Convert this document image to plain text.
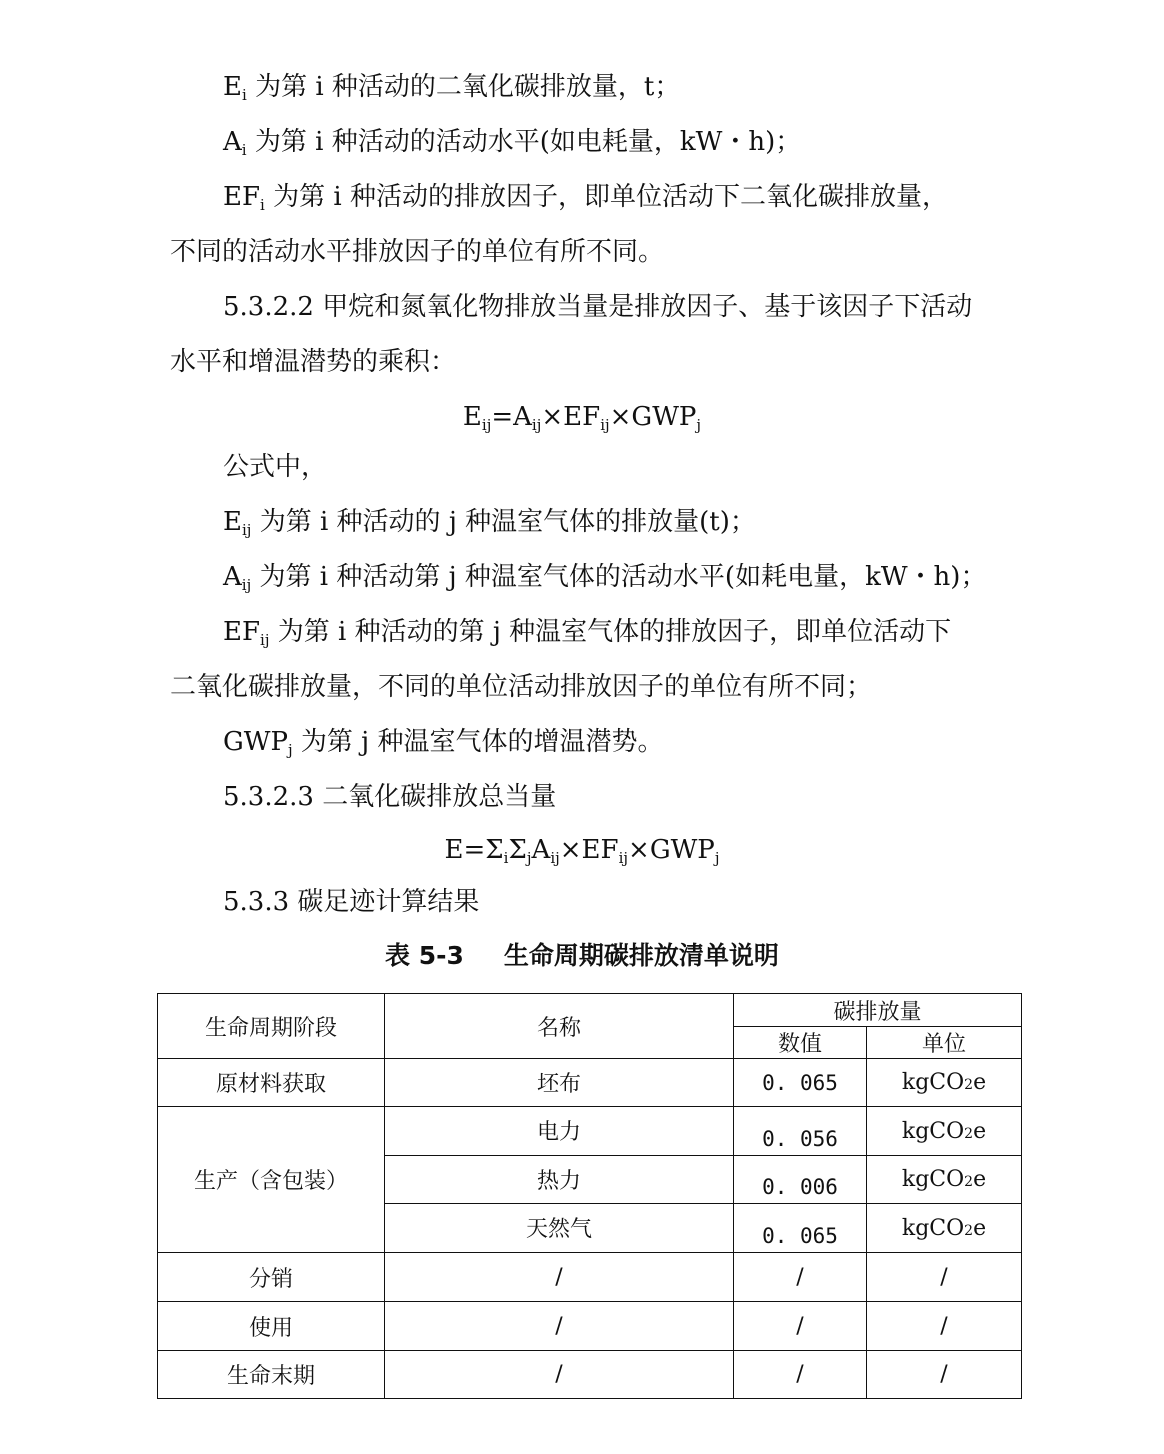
$E_i$ 为第 i 种活动的二氧化碳排放量，t；

$A_i$ 为第 i 种活动的活动水平(如电耗量，kW・h)；

$EF_i$ 为第 i 种活动的排放因子，即单位活动下二氧化碳排放量，

不同的活动水平排放因子的单位有所不同。

5.3.2.2 甲烷和氮氧化物排放当量是排放因子、基于该因子下活动

水平和增温潜势的乘积：

$E_{ij}=A_{ij}\times EF_{ij}\times GWP_j$

公式中，

$E_{ij}$ 为第 i 种活动的 j 种温室气体的排放量(t)；

$A_{ij}$ 为第 i 种活动第 j 种温室气体的活动水平(如耗电量，kW・h)；

$EF_{ij}$ 为第 i 种活动的第 j 种温室气体的排放因子，即单位活动下

二氧化碳排放量，不同的单位活动排放因子的单位有所不同；

$GWP_j$ 为第 j 种温室气体的增温潜势。

5.3.2.3 二氧化碳排放总当量

$E=\Sigma_i\Sigma_jA_{ij}\times EF_{ij}\times GWP_j$

5.3.3 碳足迹计算结果

表 5-3 生命周期碳排放清单说明
生命周期阶段	名称	碳排放量	
		数值	单位
原材料获取	坯布	0. 065	kgCO2e
生产（含包装）	电力	0. 056	kgCO2e
	热力	0. 006	kgCO2e
	天然气	0. 065	kgCO2e
分销	/	/	/
使用	/	/	/
生命末期	/	/	/
